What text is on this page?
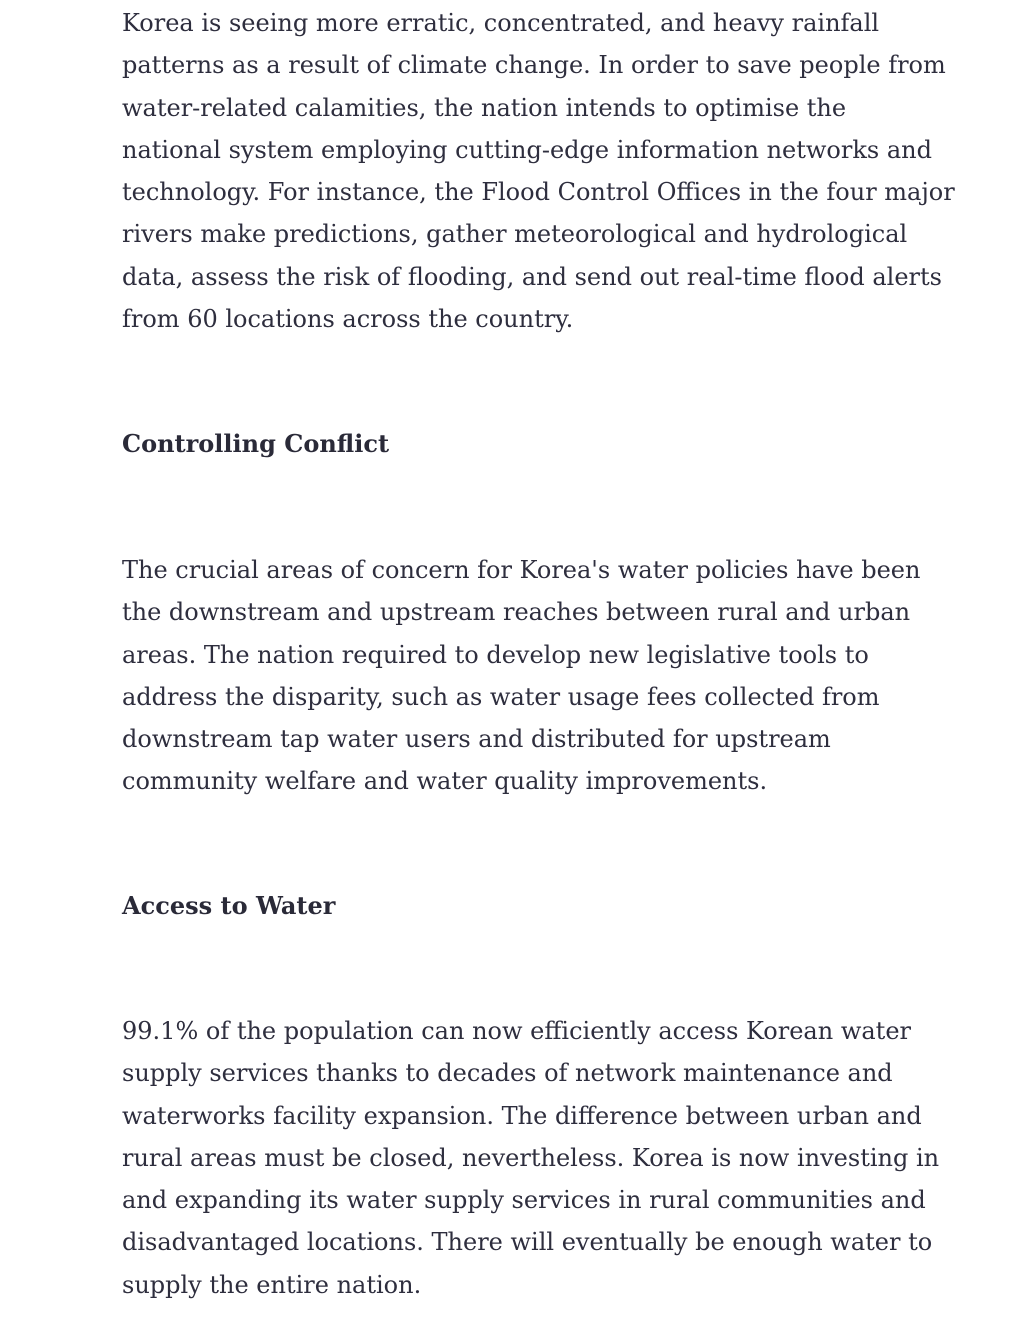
Korea is seeing more erratic, concentrated, and heavy rainfall
patterns as a result of climate change. In order to save people from
water-related calamities, the nation intends to optimise the
national system employing cutting-edge information networks and
technology. For instance, the Flood Control Offices in the four major
rivers make predictions, gather meteorological and hydrological
data, assess the risk of flooding, and send out real-time flood alerts
from 60 locations across the country.

Controlling Conflict

The crucial areas of concern for Korea's water policies have been
the downstream and upstream reaches between rural and urban
areas. The nation required to develop new legislative tools to
address the disparity, such as water usage fees collected from
downstream tap water users and distributed for upstream
community welfare and water quality improvements.

Access to Water

99.1% of the population can now efficiently access Korean water
supply services thanks to decades of network maintenance and
waterworks facility expansion. The difference between urban and
rural areas must be closed, nevertheless. Korea is now investing in
and expanding its water supply services in rural communities and
disadvantaged locations. There will eventually be enough water to
supply the entire nation.
